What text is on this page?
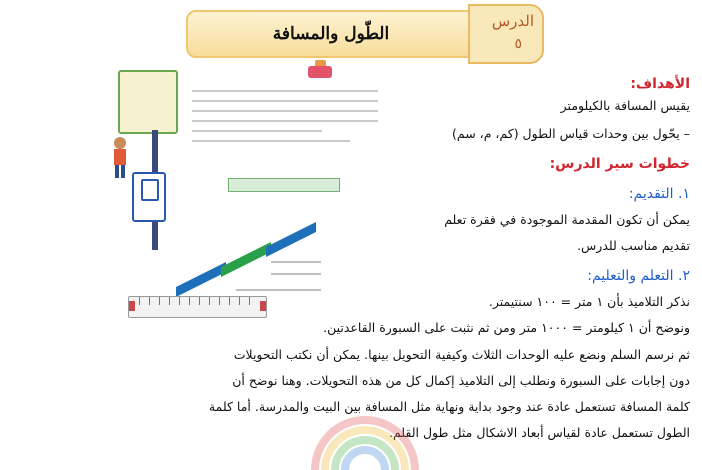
الطّول والمسافة
الدرس
٥
الأهداف:
يقيس المسافة بالكيلومتر
– يحّول بين وحدات قياس الطول (كم، م، سم)
خطوات سير الدرس:
١. التقديم:
يمكن أن تكون المقدمة الموجودة في فقرة تعلم
تقديم مناسب للدرس.
٢. التعلم والتعليم:
نذكر التلاميذ بأن ١ متر = ١٠٠ سنتيمتر.
ونوضح أن ١ كيلومتر = ١٠٠٠ متر ومن ثم نثبت على السبورة القاعدتين.
ثم نرسم السلم ونضع عليه الوحدات الثلاث وكيفية التحويل بينها. يمكن أن نكتب التحويلات
دون إجابات على السبورة ونطلب إلى التلاميذ إكمال كل من هذه التحويلات. وهنا نوضح أن
كلمة المسافة تستعمل عادة عند وجود بداية ونهاية مثل المسافة بين البيت والمدرسة. أما كلمة
الطول تستعمل عادة لقياس أبعاد الاشكال مثل طول القلم.
